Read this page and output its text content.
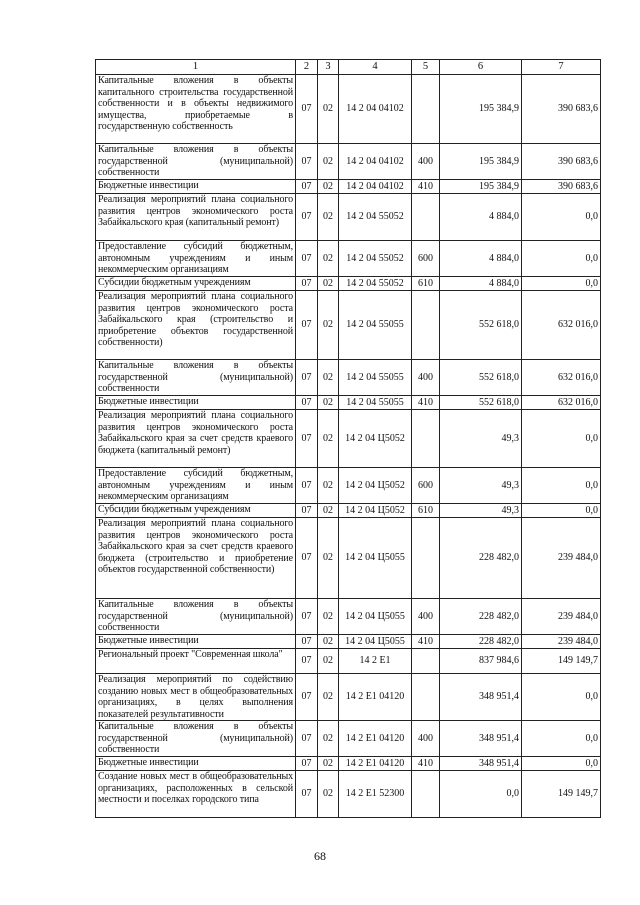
1	2	3	4	5	6	7
Капитальные вложения в объекты капитального строительства государственной собственности и в объекты недвижимого имущества, приобретаемые в государственную собственность	07	02	14 2 04 04102		195 384,9	390 683,6
Капитальные вложения в объекты государственной (муниципальной) собственности	07	02	14 2 04 04102	400	195 384,9	390 683,6
Бюджетные инвестиции	07	02	14 2 04 04102	410	195 384,9	390 683,6
Реализация мероприятий плана социального развития центров экономического роста Забайкальского края (капитальный ремонт)	07	02	14 2 04 55052		4 884,0	0,0
Предоставление субсидий бюджетным, автономным учреждениям и иным некоммерческим организациям	07	02	14 2 04 55052	600	4 884,0	0,0
Субсидии бюджетным учреждениям	07	02	14 2 04 55052	610	4 884,0	0,0
Реализация мероприятий плана социального развития центров экономического роста Забайкальского края (строительство и приобретение объектов государственной собственности)	07	02	14 2 04 55055		552 618,0	632 016,0
Капитальные вложения в объекты государственной (муниципальной) собственности	07	02	14 2 04 55055	400	552 618,0	632 016,0
Бюджетные инвестиции	07	02	14 2 04 55055	410	552 618,0	632 016,0
Реализация мероприятий плана социального развития центров экономического роста Забайкальского края за счет средств краевого бюджета (капитальный ремонт)	07	02	14 2 04 Ц5052		49,3	0,0
Предоставление субсидий бюджетным, автономным учреждениям и иным некоммерческим организациям	07	02	14 2 04 Ц5052	600	49,3	0,0
Субсидии бюджетным учреждениям	07	02	14 2 04 Ц5052	610	49,3	0,0
Реализация мероприятий плана социального развития центров экономического роста Забайкальского края за счет средств краевого бюджета (строительство и приобретение объектов государственной собственности)	07	02	14 2 04 Ц5055		228 482,0	239 484,0
Капитальные вложения в объекты государственной (муниципальной) собственности	07	02	14 2 04 Ц5055	400	228 482,0	239 484,0
Бюджетные инвестиции	07	02	14 2 04 Ц5055	410	228 482,0	239 484,0
Региональный проект "Современная школа"	07	02	14 2 E1		837 984,6	149 149,7
Реализация мероприятий по содействию созданию новых мест в общеобразовательных организациях, в целях выполнения показателей результативности	07	02	14 2 E1 04120		348 951,4	0,0
Капитальные вложения в объекты государственной (муниципальной) собственности	07	02	14 2 E1 04120	400	348 951,4	0,0
Бюджетные инвестиции	07	02	14 2 E1 04120	410	348 951,4	0,0
Создание новых мест в общеобразовательных организациях, расположенных в сельской местности и поселках городского типа	07	02	14 2 E1 52300		0,0	149 149,7
68
